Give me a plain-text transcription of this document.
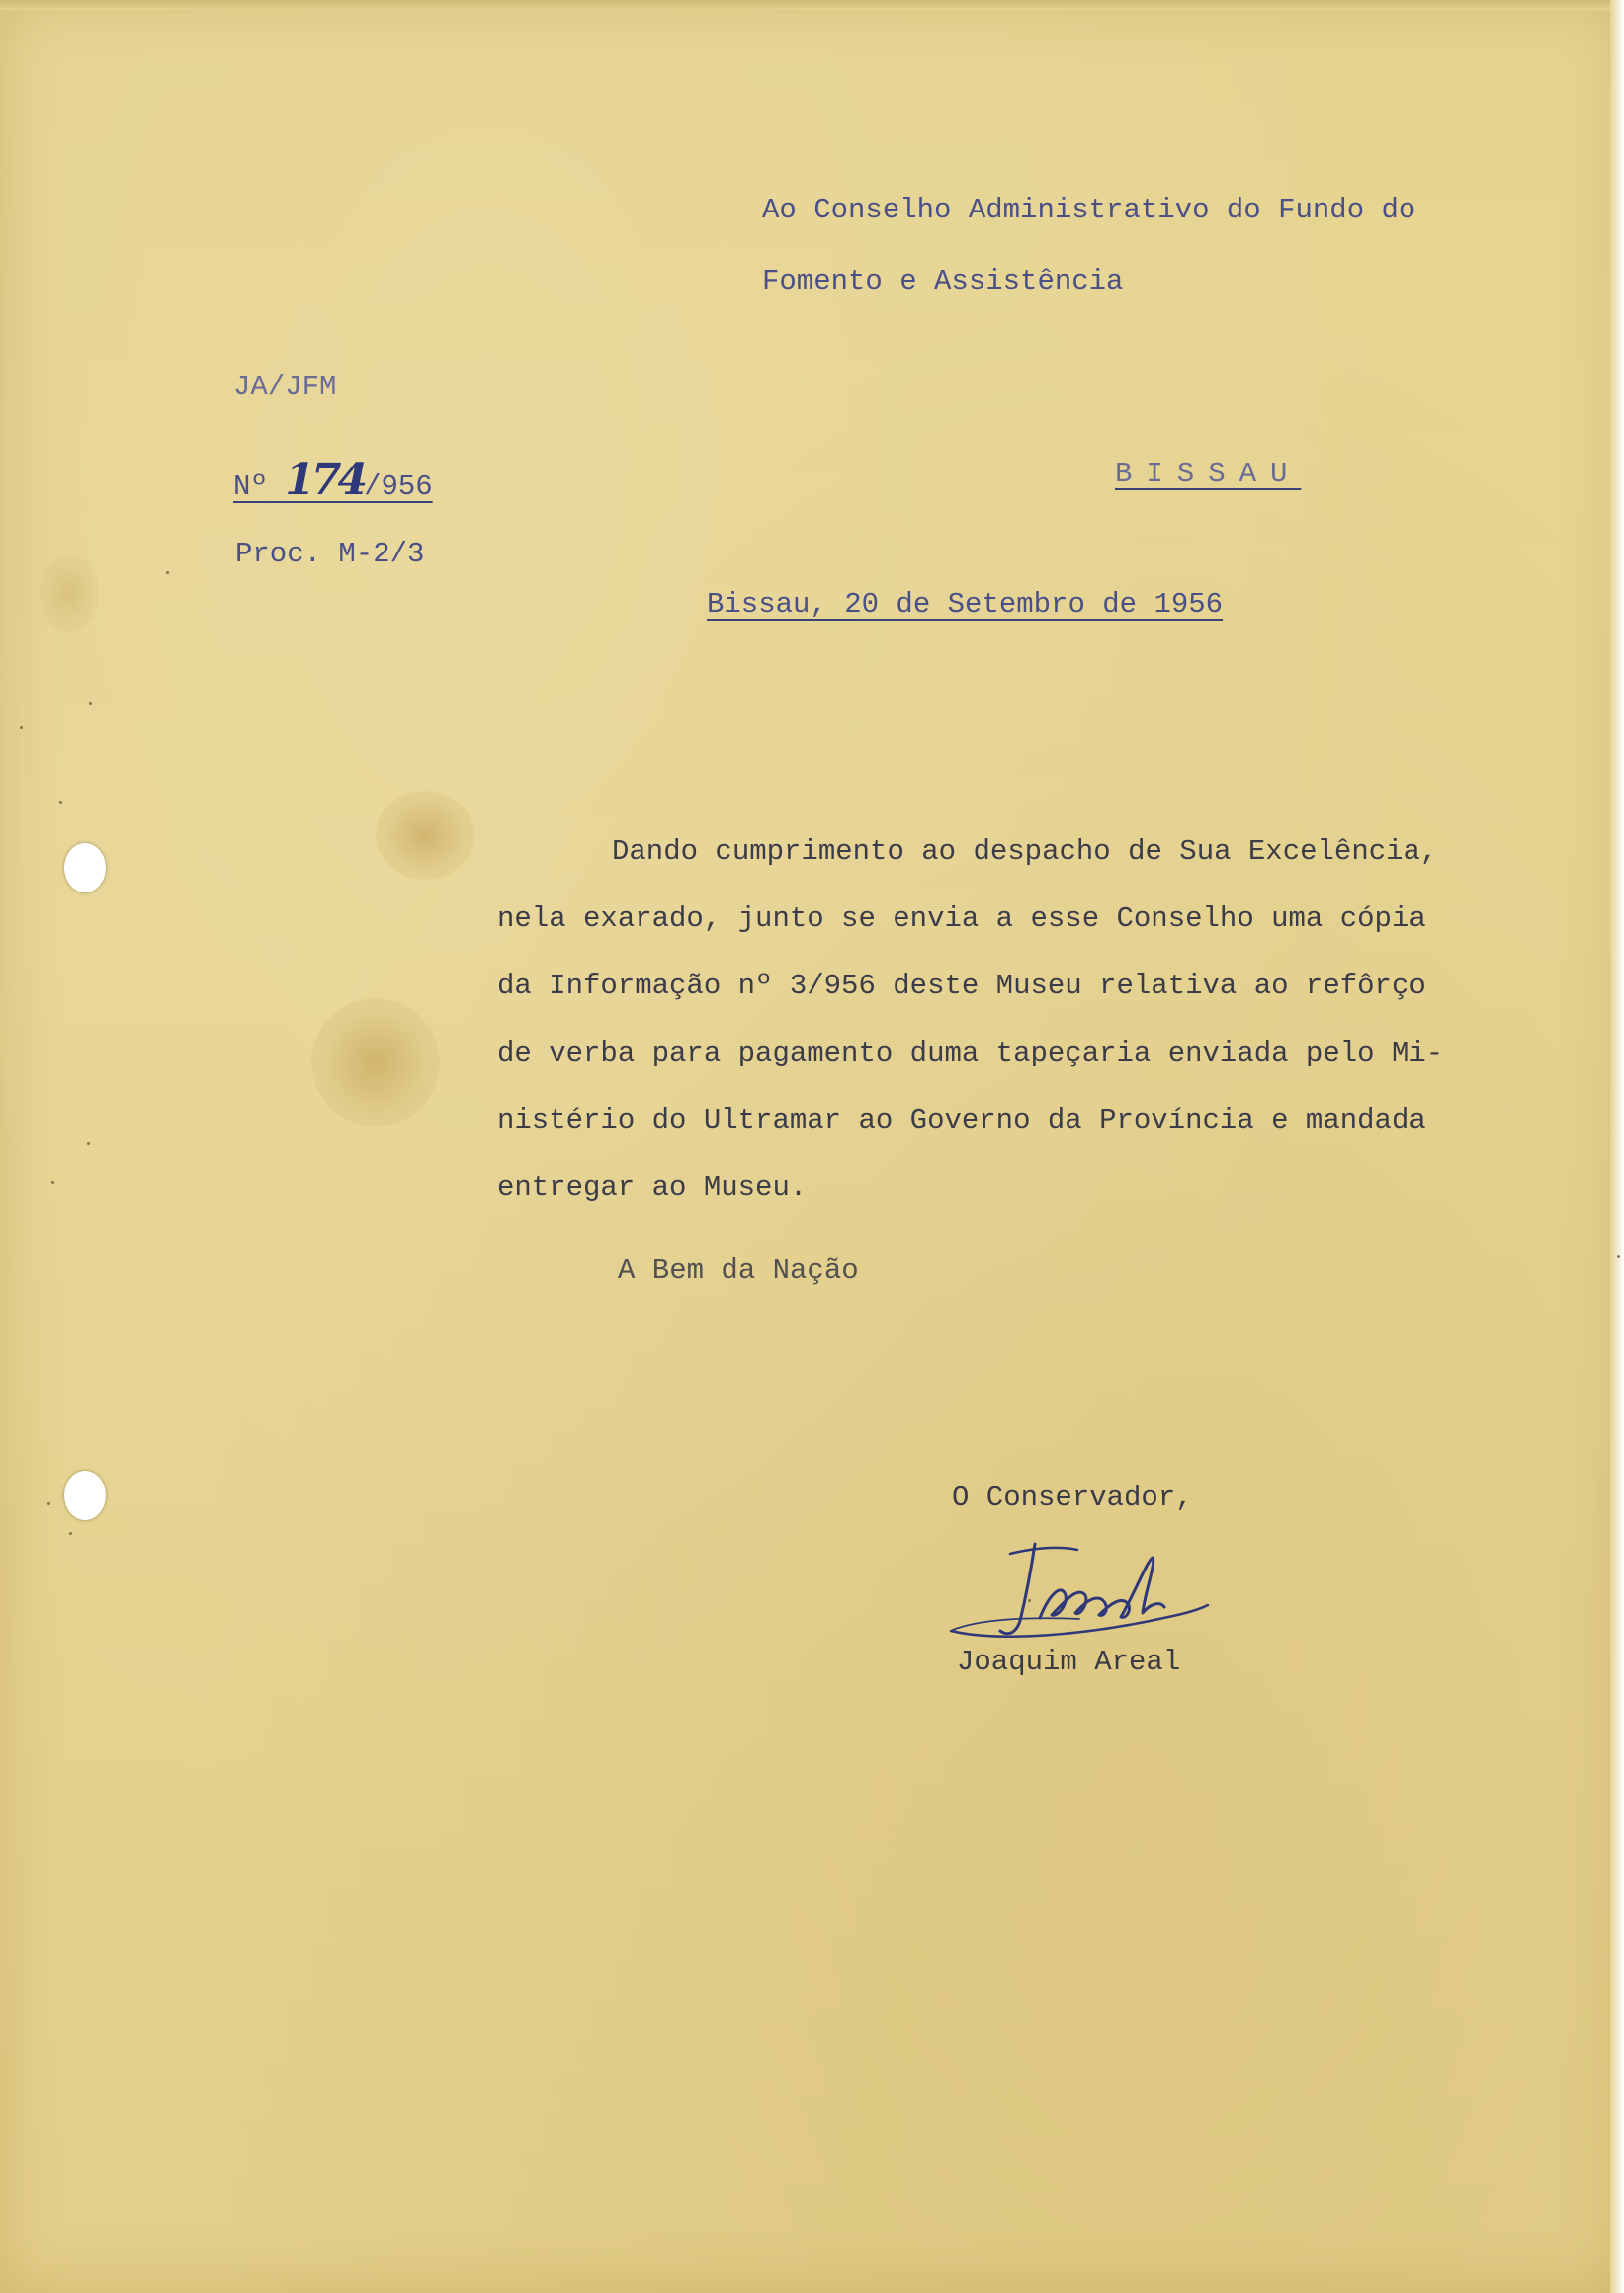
Ao Conselho Administrativo do Fundo do

Fomento e Assistência

JA/JFM

Nº 174/956

Proc. M-2/3

BISSAU

Bissau, 20 de Setembro de 1956

Dando cumprimento ao despacho de Sua Excelência,
nela exarado, junto se envia a esse Conselho uma cópia
da Informação nº 3/956 deste Museu relativa ao refôrço
de verba para pagamento duma tapeçaria enviada pelo Mi-
nistério do Ultramar ao Governo da Província e mandada
entregar ao Museu.

A Bem da Nação

O Conservador,

Joaquim Areal
